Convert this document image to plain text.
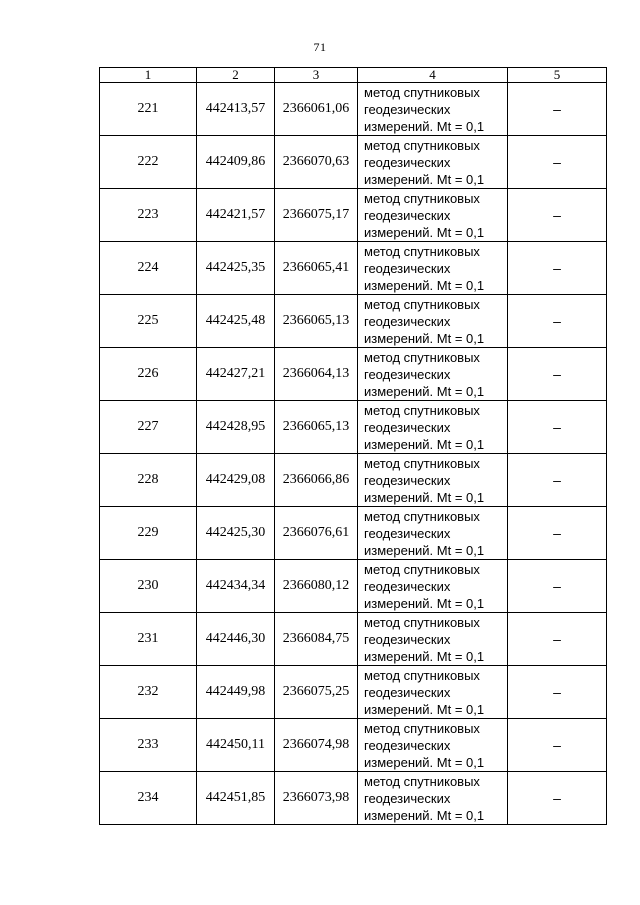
71
1	2	3	4	5
221	442413,57	2366061,06	метод спутниковых
геодезических
измерений. Mt = 0,1	–
222	442409,86	2366070,63	метод спутниковых
геодезических
измерений. Mt = 0,1	–
223	442421,57	2366075,17	метод спутниковых
геодезических
измерений. Mt = 0,1	–
224	442425,35	2366065,41	метод спутниковых
геодезических
измерений. Mt = 0,1	–
225	442425,48	2366065,13	метод спутниковых
геодезических
измерений. Mt = 0,1	–
226	442427,21	2366064,13	метод спутниковых
геодезических
измерений. Mt = 0,1	–
227	442428,95	2366065,13	метод спутниковых
геодезических
измерений. Mt = 0,1	–
228	442429,08	2366066,86	метод спутниковых
геодезических
измерений. Mt = 0,1	–
229	442425,30	2366076,61	метод спутниковых
геодезических
измерений. Mt = 0,1	–
230	442434,34	2366080,12	метод спутниковых
геодезических
измерений. Mt = 0,1	–
231	442446,30	2366084,75	метод спутниковых
геодезических
измерений. Mt = 0,1	–
232	442449,98	2366075,25	метод спутниковых
геодезических
измерений. Mt = 0,1	–
233	442450,11	2366074,98	метод спутниковых
геодезических
измерений. Mt = 0,1	–
234	442451,85	2366073,98	метод спутниковых
геодезических
измерений. Mt = 0,1	–
